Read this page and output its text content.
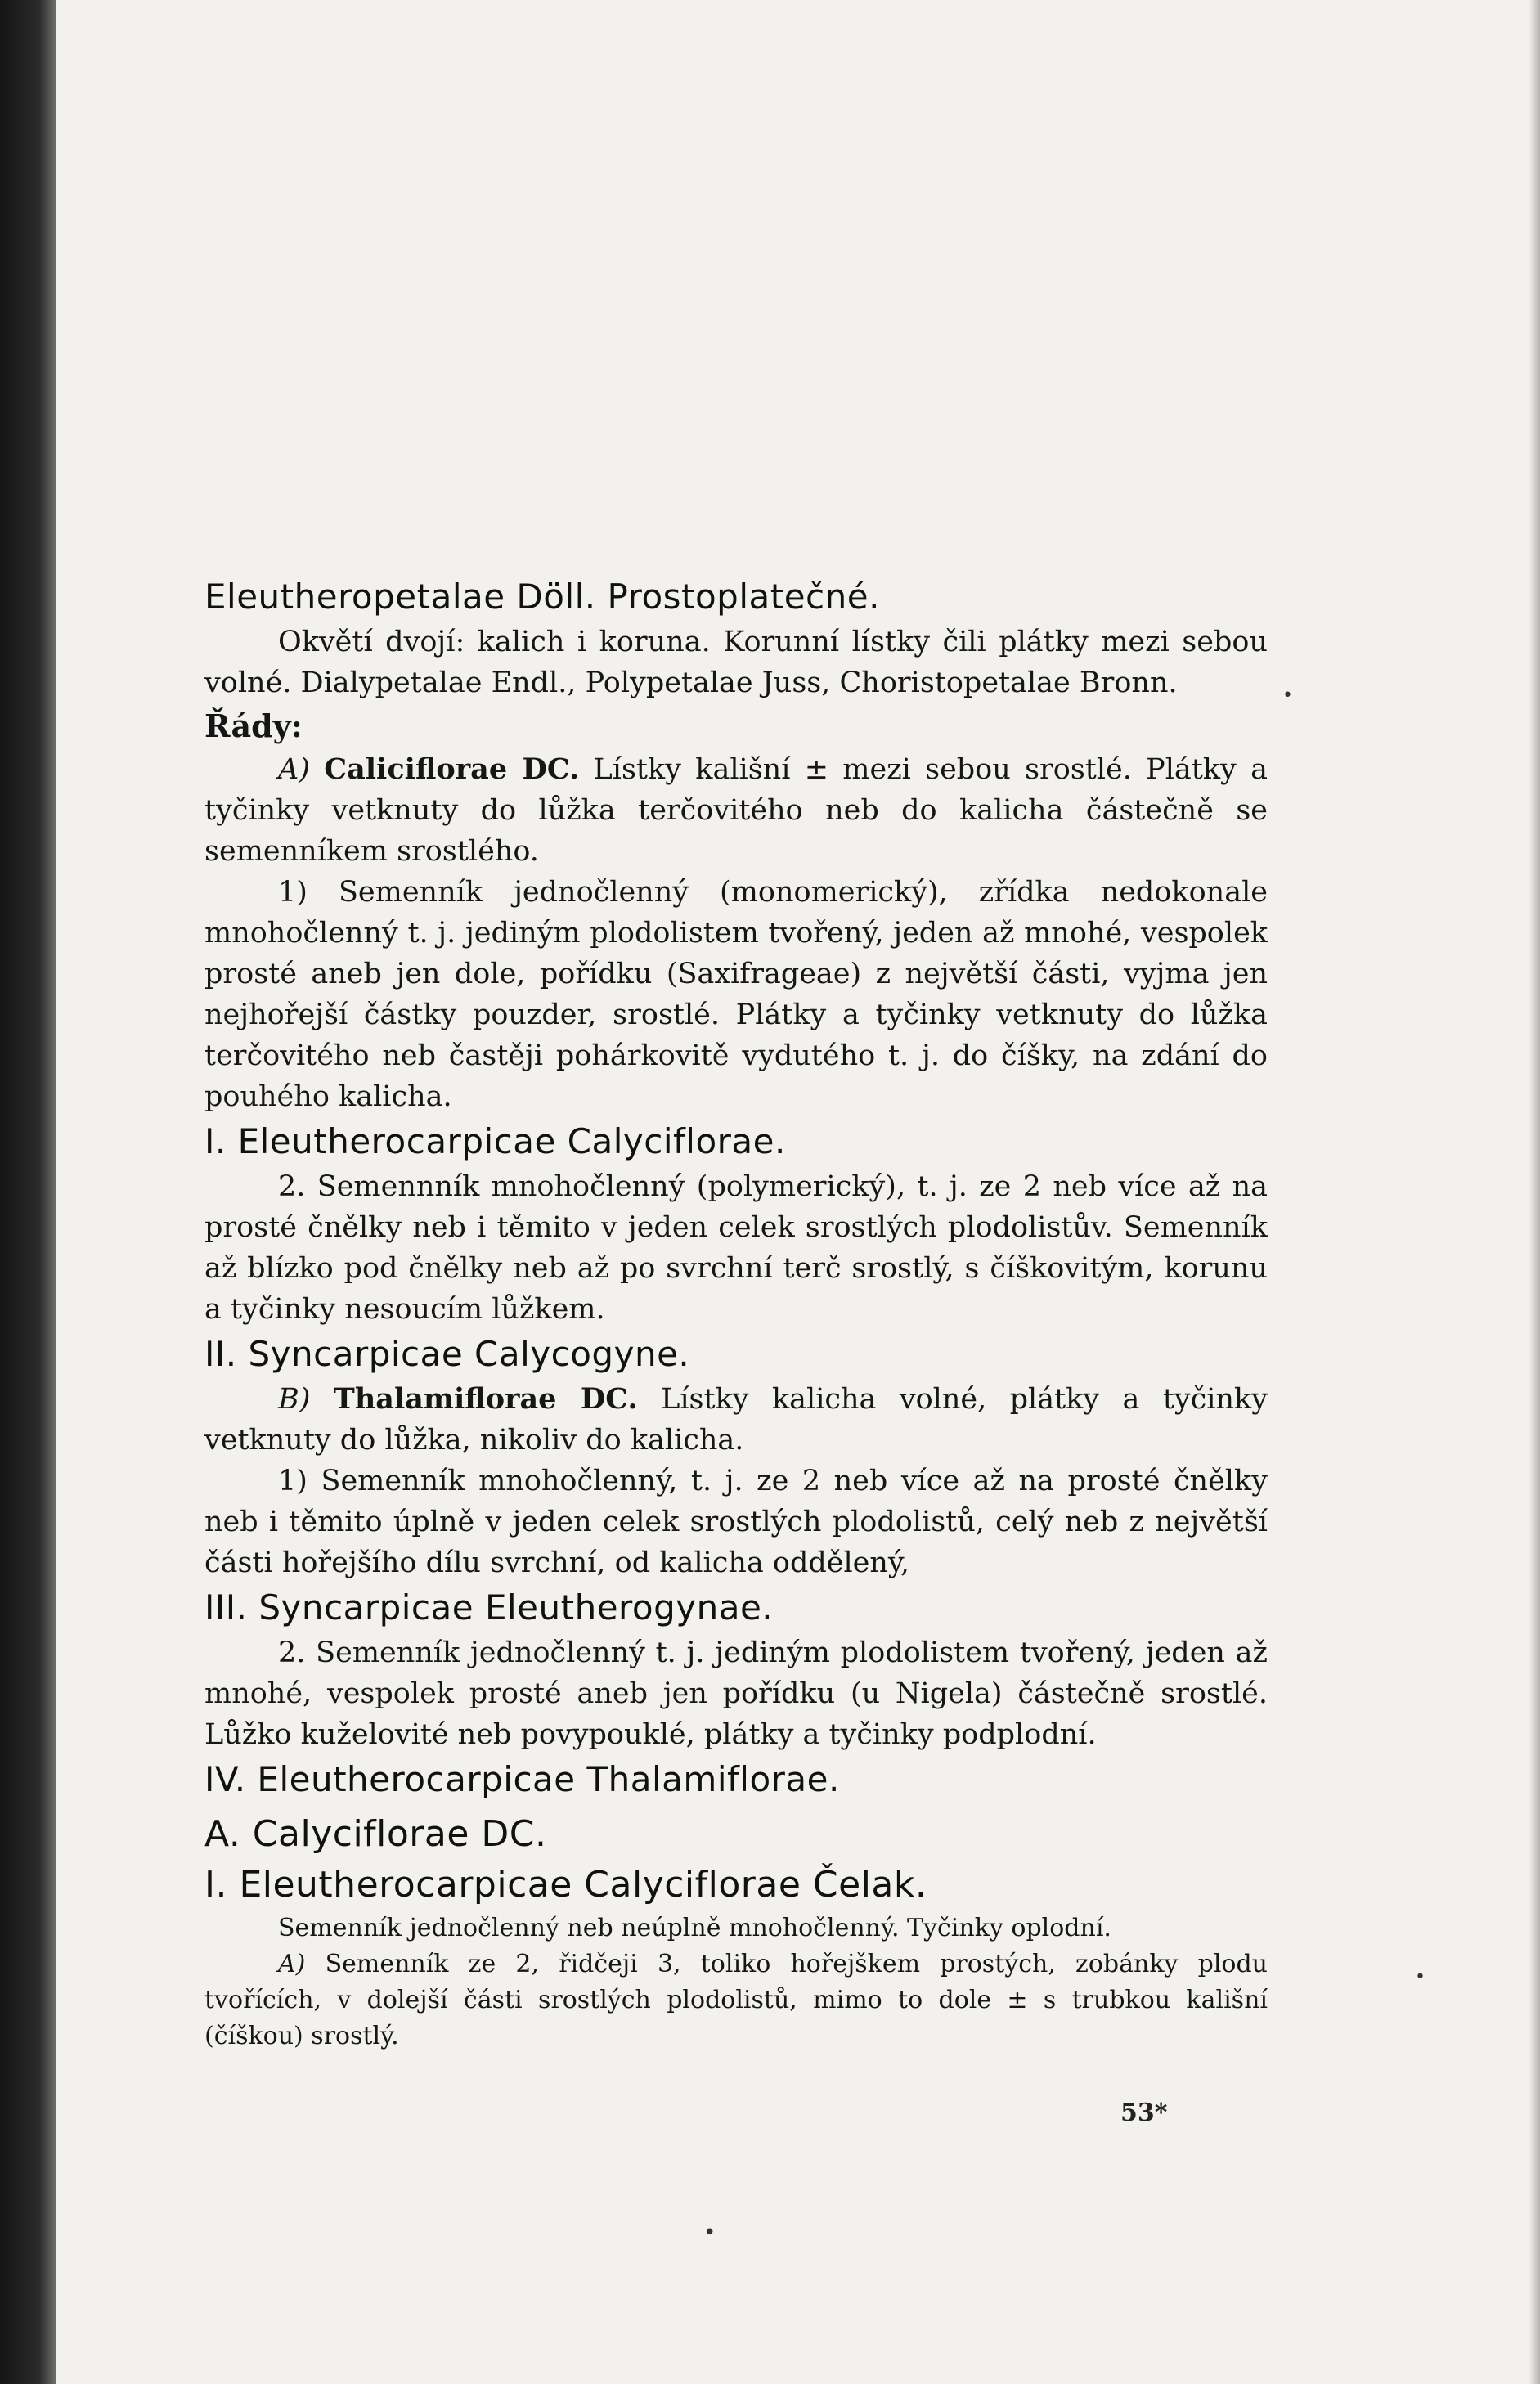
•
•
•

Eleutheropetalae Döll. Prostoplatečné.

Okvětí dvojí: kalich i koruna. Korunní lístky čili plátky mezi sebou volné. Dialypetalae Endl., Polypetalae Juss, Choristopetalae Bronn.

Řády:

A) Caliciflorae DC. Lístky kališní ± mezi sebou srostlé. Plátky a tyčinky vetknuty do lůžka terčovitého neb do kalicha částečně se semenníkem srostlého.

1) Semenník jednočlenný (monomerický), zřídka nedokonale mnohočlenný t. j. jediným plodolistem tvořený, jeden až mnohé, vespolek prosté aneb jen dole, pořídku (Saxifrageae) z největší části, vyjma jen nejhořejší částky pouzder, srostlé. Plátky a tyčinky vetknuty do lůžka terčovitého neb častěji pohárkovitě vydutého t. j. do číšky, na zdání do pouhého kalicha.

I. Eleutherocarpicae Calyciflorae.

2. Semennník mnohočlenný (polymerický), t. j. ze 2 neb více až na prosté čnělky neb i těmito v jeden celek srostlých plodolistův. Semenník až blízko pod čnělky neb až po svrchní terč srostlý, s číškovitým, korunu a tyčinky nesoucím lůžkem.

II. Syncarpicae Calycogyne.

B) Thalamiflorae DC. Lístky kalicha volné, plátky a tyčinky vetknuty do lůžka, nikoliv do kalicha.

1) Semenník mnohočlenný, t. j. ze 2 neb více až na prosté čnělky neb i těmito úplně v jeden celek srostlých plodolistů, celý neb z největší části hořejšího dílu svrchní, od kalicha oddělený,

III. Syncarpicae Eleutherogynae.

2. Semenník jednočlenný t. j. jediným plodolistem tvořený, jeden až mnohé, vespolek prosté aneb jen pořídku (u Nigela) částečně srostlé. Lůžko kuželovité neb povypouklé, plátky a tyčinky podplodní.

IV. Eleutherocarpicae Thalamiflorae.

A. Calyciflorae DC.

I. Eleutherocarpicae Calyciflorae Čelak.

Semenník jednočlenný neb neúplně mnohočlenný. Tyčinky oplodní.

A) Semenník ze 2, řidčeji 3, toliko hořejškem prostých, zobánky plodu tvořících, v dolejší části srostlých plodolistů, mimo to dole ± s trubkou kališní (číškou) srostlý.

53*
